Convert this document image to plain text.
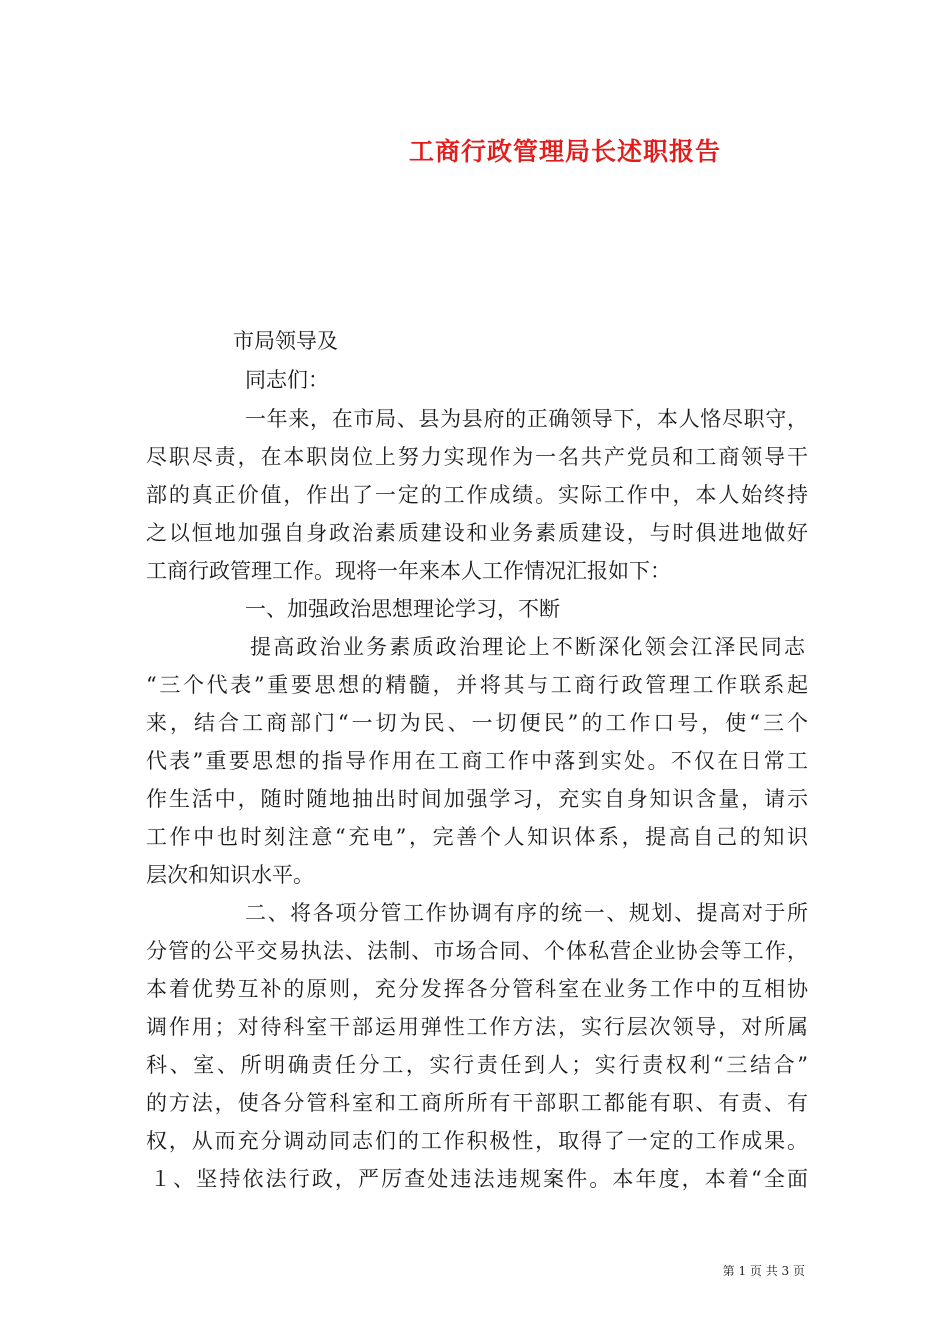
工商行政管理局长述职报告
市局领导及
同志们：
一年来，在市局、县为县府的正确领导下，本人恪尽职守，
尽职尽责，在本职岗位上努力实现作为一名共产党员和工商领导干
部的真正价值，作出了一定的工作成绩。实际工作中，本人始终持
之以恒地加强自身政治素质建设和业务素质建设，与时俱进地做好
工商行政管理工作。现将一年来本人工作情况汇报如下：
一、加强政治思想理论学习，不断
提高政治业务素质政治理论上不断深化领会江泽民同志
“三个代表”重要思想的精髓，并将其与工商行政管理工作联系起
来，结合工商部门“一切为民、一切便民”的工作口号，使“三个
代表”重要思想的指导作用在工商工作中落到实处。不仅在日常工
作生活中，随时随地抽出时间加强学习，充实自身知识含量，请示
工作中也时刻注意“充电”，完善个人知识体系，提高自己的知识
层次和知识水平。
二、将各项分管工作协调有序的统一、规划、提高对于所
分管的公平交易执法、法制、市场合同、个体私营企业协会等工作，
本着优势互补的原则，充分发挥各分管科室在业务工作中的互相协
调作用；对待科室干部运用弹性工作方法，实行层次领导，对所属
科、室、所明确责任分工，实行责任到人；实行责权利“三结合”
的方法，使各分管科室和工商所所有干部职工都能有职、有责、有
权，从而充分调动同志们的工作积极性，取得了一定的工作成果。
１、坚持依法行政，严厉查处违法违规案件。本年度，本着“全面
第 1 页 共 3 页
